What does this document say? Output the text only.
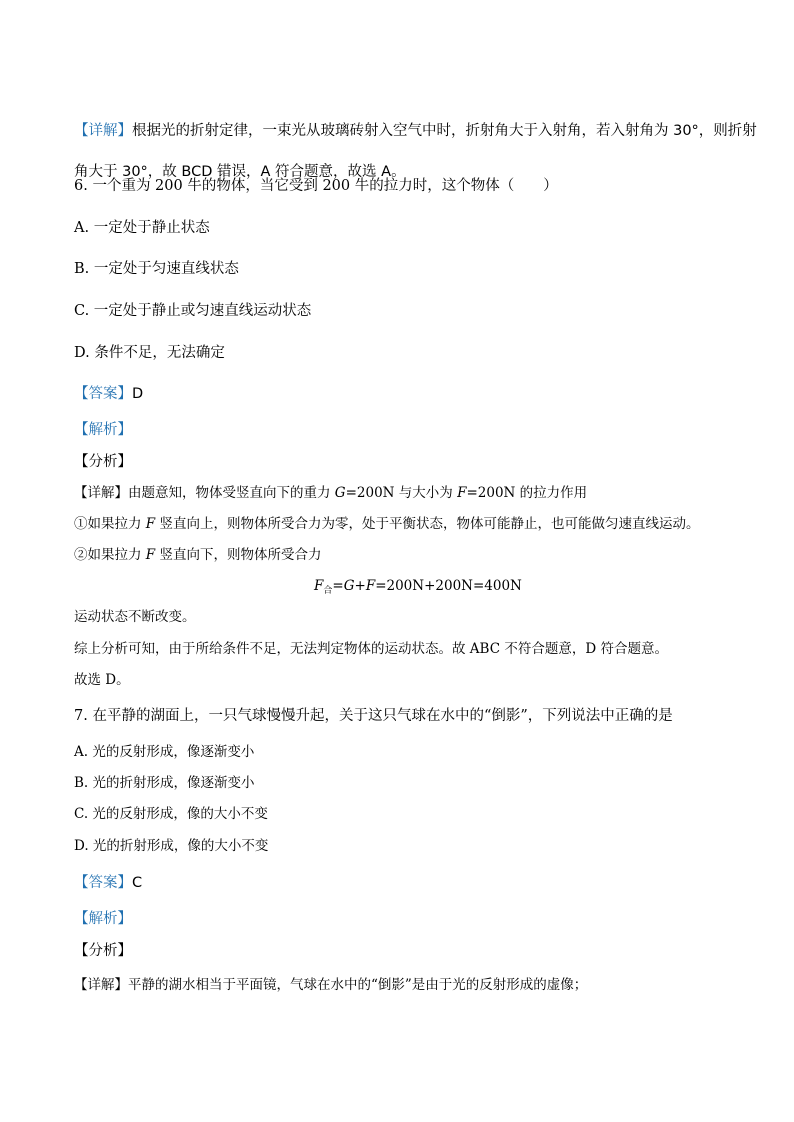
【详解】根据光的折射定律，一束光从玻璃砖射入空气中时，折射角大于入射角，若入射角为 30°，则折射
角大于 30°，故 BCD 错误，A 符合题意，故选 A。
6. 一个重为 200 牛的物体，当它受到 200 牛的拉力时，这个物体（　　）
A. 一定处于静止状态
B. 一定处于匀速直线状态
C. 一定处于静止或匀速直线运动状态
D. 条件不足，无法确定
【答案】D
【解析】
【分析】
【详解】由题意知，物体受竖直向下的重力 G=200N 与大小为 F=200N 的拉力作用
①如果拉力 F 竖直向上，则物体所受合力为零，处于平衡状态，物体可能静止，也可能做匀速直线运动。
②如果拉力 F 竖直向下，则物体所受合力
$F_合=G+F=200N+200N=400N$
运动状态不断改变。
综上分析可知，由于所给条件不足，无法判定物体的运动状态。故 ABC 不符合题意，D 符合题意。
故选 D。
7. 在平静的湖面上，一只气球慢慢升起，关于这只气球在水中的“倒影”，下列说法中正确的是
A. 光的反射形成，像逐渐变小
B. 光的折射形成，像逐渐变小
C. 光的反射形成，像的大小不变
D. 光的折射形成，像的大小不变
【答案】C
【解析】
【分析】
【详解】平静的湖水相当于平面镜，气球在水中的“倒影”是由于光的反射形成的虚像；
